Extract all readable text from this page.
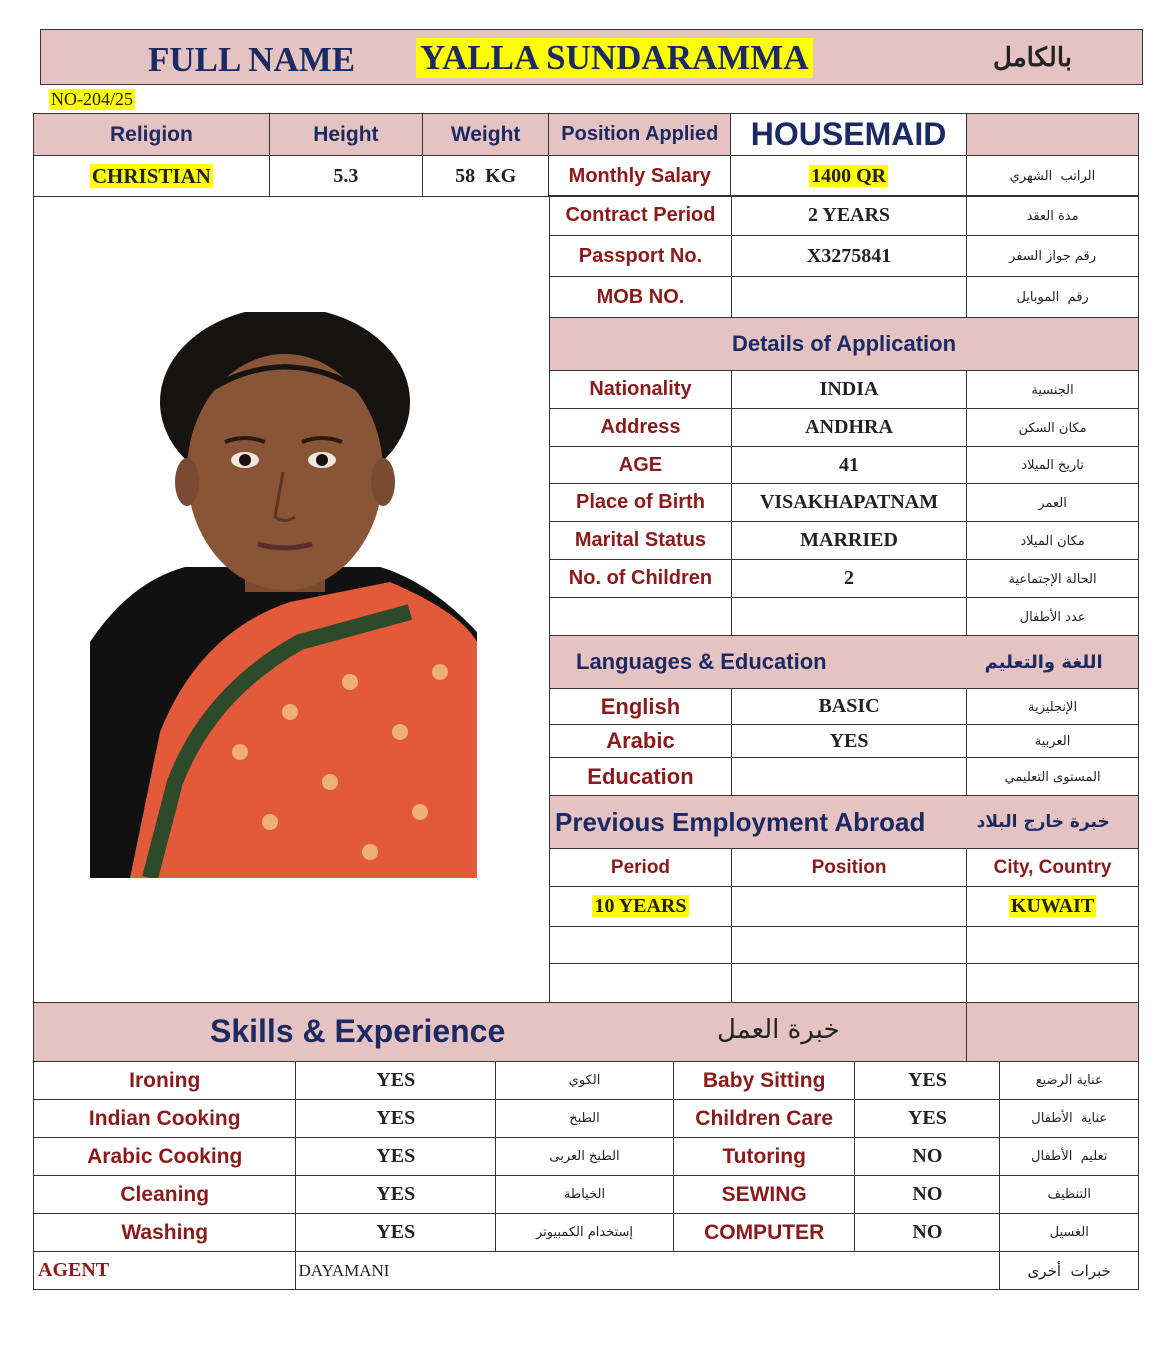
FULL NAME YALLA SUNDARAMMA	بالكامل
NO-204/25
Religion	Height	Weight	Position Applied	HOUSEMAID	
CHRISTIAN	5.3	58  KG	Monthly Salary	1400 QR	الراتب  الشهري
Contract Period	2 YEARS	مدة العقد
Passport No.	X3275841	رقم جواز السفر
MOB NO.		رقم  الموبايل
Details of Application		
Nationality	INDIA	الجنسية
Address	ANDHRA	مكان السكن
AGE	41	تاريخ الميلاد
Place of Birth	VISAKHAPATNAM	العمر
Marital Status	MARRIED	مكان الميلاد
No. of Children	2	الحالة الإجتماعية
		عدد الأطفال
Languages & Education		اللغة والتعليم
English	BASIC	الإنجليزية
Arabic	YES	العربية
Education		المستوى التعليمي
Previous Employment Abroad		خبرة خارج البلاد
Period	Position	City, Country
10 YEARS		KUWAIT

Skills & Experience	خبرة العمل
Ironing	YES	الكوي	Baby Sitting	YES	عناية الرضيع
Indian Cooking	YES	الطبخ	Children Care	YES	عناية  الأطفال
Arabic Cooking	YES	الطبخ العربى	Tutoring	NO	تعليم  الأطفال
Cleaning	YES	الخياطة	SEWING	NO	التنظيف
Washing	YES	إستخدام الكمبيوتر	COMPUTER	NO	الغسيل
AGENT	DAYAMANI				خبرات  أخرى
